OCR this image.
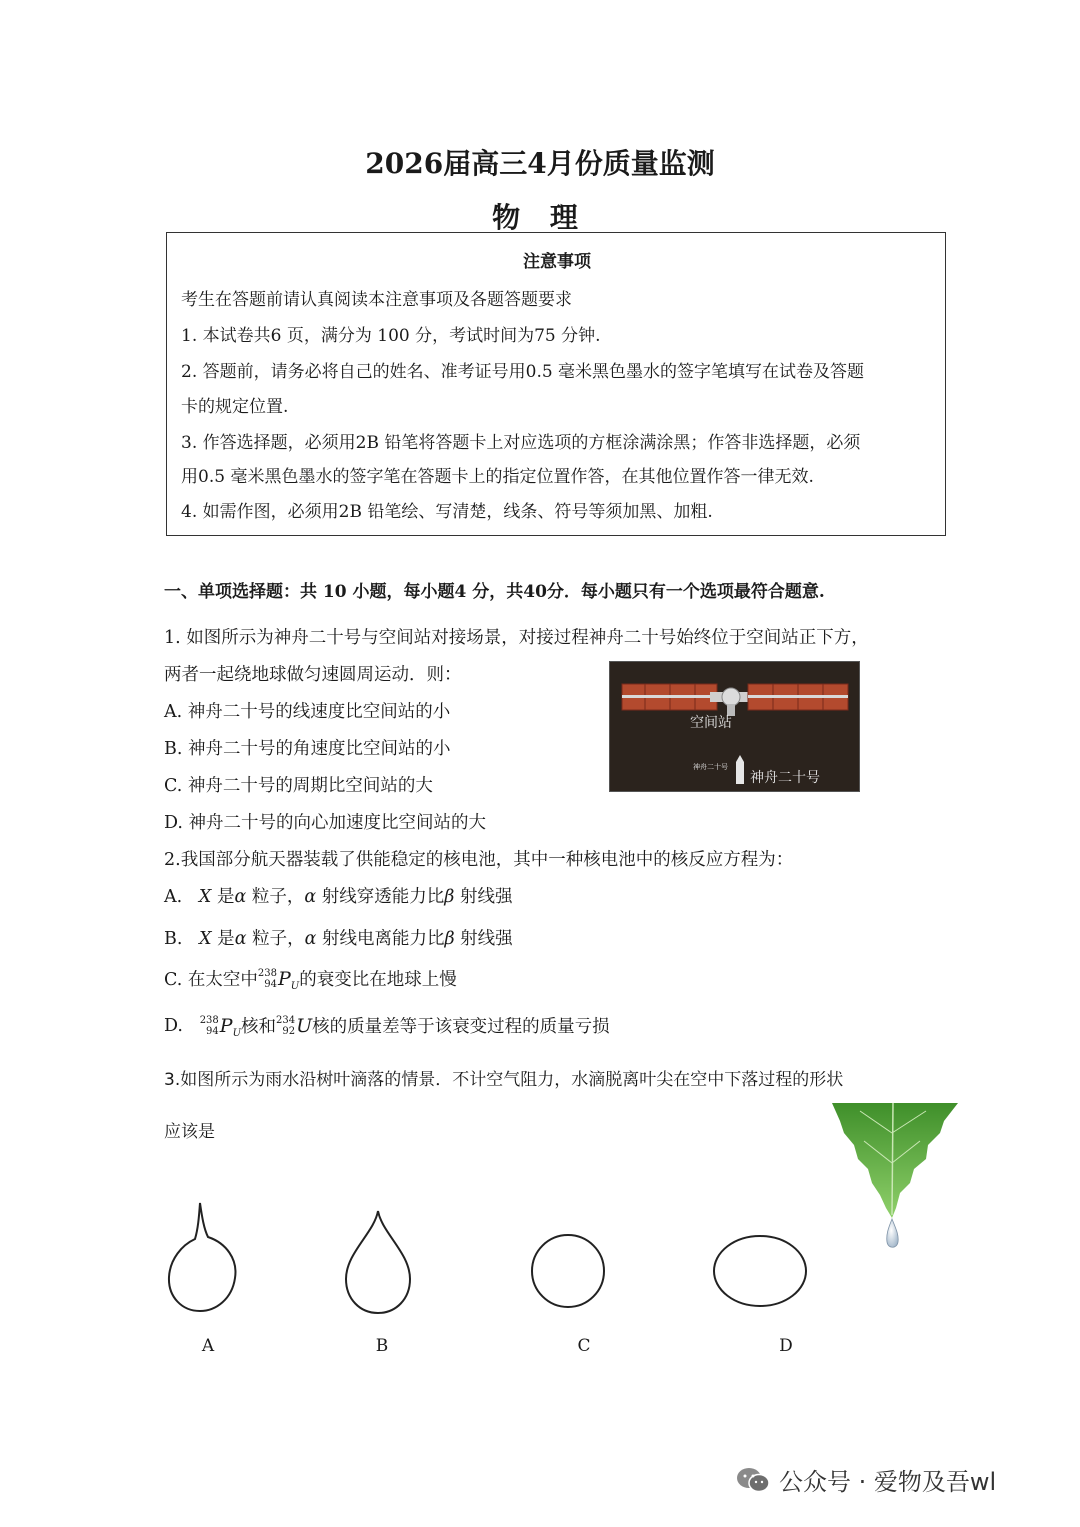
2026届高三4月份质量监测
物 理
注意事项
考生在答题前请认真阅读本注意事项及各题答题要求
1. 本试卷共6 页，满分为 100 分，考试时间为75 分钟.
2. 答题前，请务必将自己的姓名、准考证号用0.5 毫米黑色墨水的签字笔填写在试卷及答题
卡的规定位置.
3. 作答选择题，必须用2B 铅笔将答题卡上对应选项的方框涂满涂黑；作答非选择题，必须
用0.5 毫米黑色墨水的签字笔在答题卡上的指定位置作答，在其他位置作答一律无效.
4. 如需作图，必须用2B 铅笔绘、写清楚，线条、符号等须加黑、加粗.
一、单项选择题：共 10 小题，每小题4 分，共40分．每小题只有一个选项最符合题意.
1. 如图所示为神舟二十号与空间站对接场景，对接过程神舟二十号始终位于空间站正下方，
两者一起绕地球做匀速圆周运动．则：
A. 神舟二十号的线速度比空间站的小
B. 神舟二十号的角速度比空间站的小
C. 神舟二十号的周期比空间站的大
D. 神舟二十号的向心加速度比空间站的大
空间站
神舟二十号
神舟二十号
2.我国部分航天器装载了供能稳定的核电池，其中一种核电池中的核反应方程为：
A. X 是α 粒子，α 射线穿透能力比β 射线强
B. X 是α 粒子，α 射线电离能力比β 射线强
C. 在太空中 238
94 P U 的衰变比在地球上慢
D.
238
94 P U 核和 234
92 U 核的质量差等于该衰变过程的质量亏损
3.如图所示为雨水沿树叶滴落的情景．不计空气阻力，水滴脱离叶尖在空中下落过程的形状
应该是
A	B	C	D
公众号 · 爱物及吾wl
